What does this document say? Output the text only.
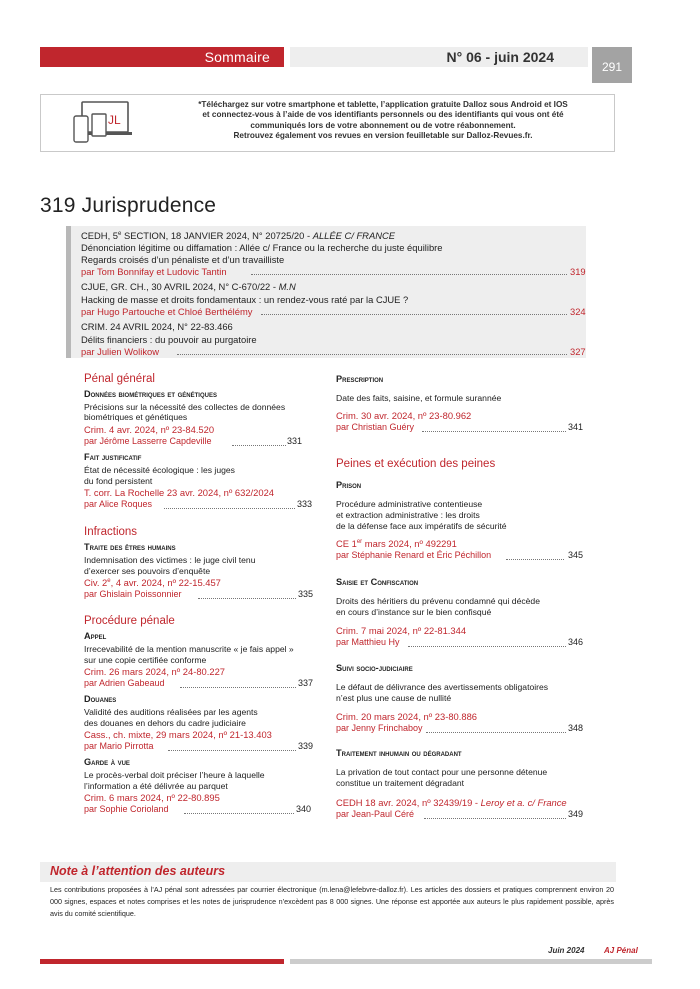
Sommaire	N° 06 - juin 2024
291
JL

*Téléchargez sur votre smartphone et tablette, l’application gratuite Dalloz sous Android et IOS

et connectez-vous à l’aide de vos identifiants personnels ou des identifiants qui vous ont été

communiqués lors de votre abonnement ou de votre réabonnement.

Retrouvez également vos revues en version feuilletable sur Dalloz-Revues.fr.

319 Jurisprudence
CEDH, 5e SECTION, 18 JANVIER 2024, N° 20725/20 - ALLÉE C/ FRANCE
Dénonciation légitime ou diffamation : Allée c/ France ou la recherche du juste équilibre
Regards croisés d’un pénaliste et d’un travailliste
par Tom Bonnifay et Ludovic Tantin	319
CJUE, GR. CH., 30 AVRIL 2024, N° C-670/22 - M.N
Hacking de masse et droits fondamentaux : un rendez-vous raté par la CJUE ?
par Hugo Partouche et Chloé Berthélémy	324
CRIM. 24 AVRIL 2024, N° 22-83.466
Délits financiers : du pouvoir au purgatoire
par Julien Wolikow	327
Pénal général
Données biométriques et génétiques
Précisions sur la nécessité des collectes de données
biométriques et génétiques
Crim. 4 avr. 2024, nº 23-84.520
par Jérôme Lasserre Capdeville	331
Fait justificatif
État de nécessité écologique : les juges
du fond persistent
T. corr. La Rochelle 23 avr. 2024, nº 632/2024
par Alice Roques	333
Infractions
Traite des êtres humains
Indemnisation des victimes : le juge civil tenu
d’exercer ses pouvoirs d’enquête
Civ. 2e, 4 avr. 2024, nº 22-15.457
par Ghislain Poissonnier	335
Procédure pénale
Appel
Irrecevabilité de la mention manuscrite « je fais appel »
sur une copie certifiée conforme
Crim. 26 mars 2024, nº 24-80.227
par Adrien Gabeaud	337
Douanes
Validité des auditions réalisées par les agents
des douanes en dehors du cadre judiciaire
Cass., ch. mixte, 29 mars 2024, nº 21-13.403
par Mario Pirrotta	339
Garde à vue
Le procès-verbal doit préciser l’heure à laquelle
l’information a été délivrée au parquet
Crim. 6 mars 2024, nº 22-80.895
par Sophie Corioland	340
Prescription
Date des faits, saisine, et formule surannée
Crim. 30 avr. 2024, nº 23-80.962
par Christian Guéry	341
Peines et exécution des peines
Prison
Procédure administrative contentieuse
et extraction administrative : les droits
de la défense face aux impératifs de sécurité
CE 1er mars 2024, nº 492291
par Stéphanie Renard et Éric Péchillon	345
Saisie et Confiscation
Droits des héritiers du prévenu condamné qui décède
en cours d’instance sur le bien confisqué
Crim. 7 mai 2024, nº 22-81.344
par Matthieu Hy	346
Suivi socio-judiciaire
Le défaut de délivrance des avertissements obligatoires
n’est plus une cause de nullité
Crim. 20 mars 2024, nº 23-80.886
par Jenny Frinchaboy	348
Traitement inhumain ou dégradant
La privation de tout contact pour une personne détenue
constitue un traitement dégradant
CEDH 18 avr. 2024, nº 32439/19 - Leroy et a. c/ France
par Jean-Paul Céré	349
Note à l’attention des auteurs
Les contributions proposées à l’AJ pénal sont adressées par courrier électronique (m.lena@lefebvre-dalloz.fr). Les articles des dossiers et pratiques comprennent environ 20 000 signes, espaces et notes comprises et les notes de jurisprudence n’excèdent pas 8 000 signes. Une réponse est apportée aux auteurs le plus rapidement possible, après avis du comité scientifique.
Juin 2024 AJ Pénal
